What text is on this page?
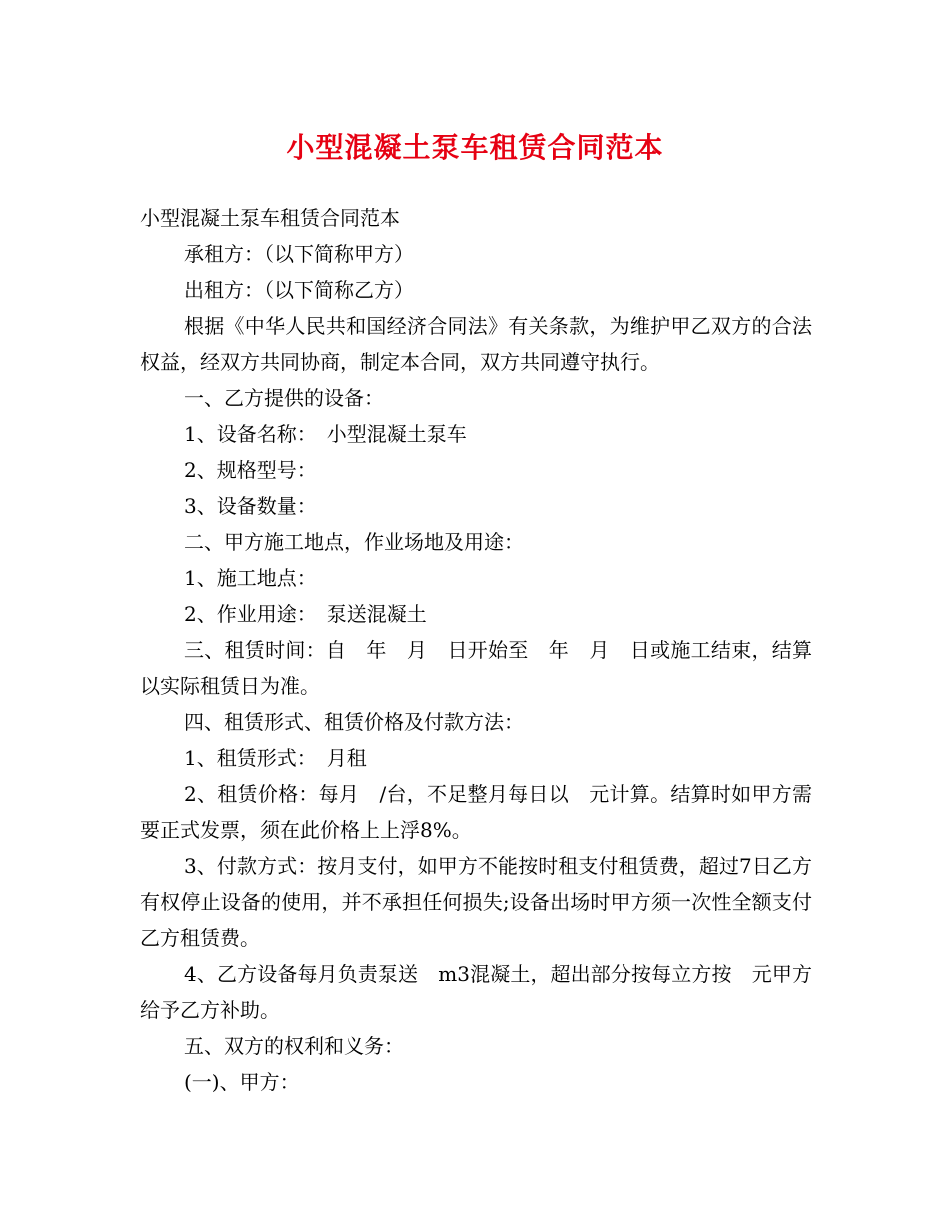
小型混凝土泵车租赁合同范本

小型混凝土泵车租赁合同范本

承租方：（以下简称甲方）

出租方：（以下简称乙方）

根据《中华人民共和国经济合同法》有关条款，为维护甲乙双方的合法权益，经双方共同协商，制定本合同，双方共同遵守执行。

一、乙方提供的设备：

1、设备名称：　小型混凝土泵车

2、规格型号：

3、设备数量：

二、甲方施工地点，作业场地及用途：

1、施工地点：

2、作业用途：　泵送混凝土

三、租赁时间：自　年　月　日开始至　年　月　日或施工结束，结算以实际租赁日为准。

四、租赁形式、租赁价格及付款方法：

1、租赁形式：　月租

2、租赁价格：每月　/台，不足整月每日以　元计算。结算时如甲方需要正式发票，须在此价格上上浮8%。

3、付款方式：按月支付，如甲方不能按时租支付租赁费，超过7日乙方有权停止设备的使用，并不承担任何损失;设备出场时甲方须一次性全额支付乙方租赁费。

4、乙方设备每月负责泵送　m3混凝土，超出部分按每立方按　元甲方给予乙方补助。

五、双方的权利和义务：

(一)、甲方：
